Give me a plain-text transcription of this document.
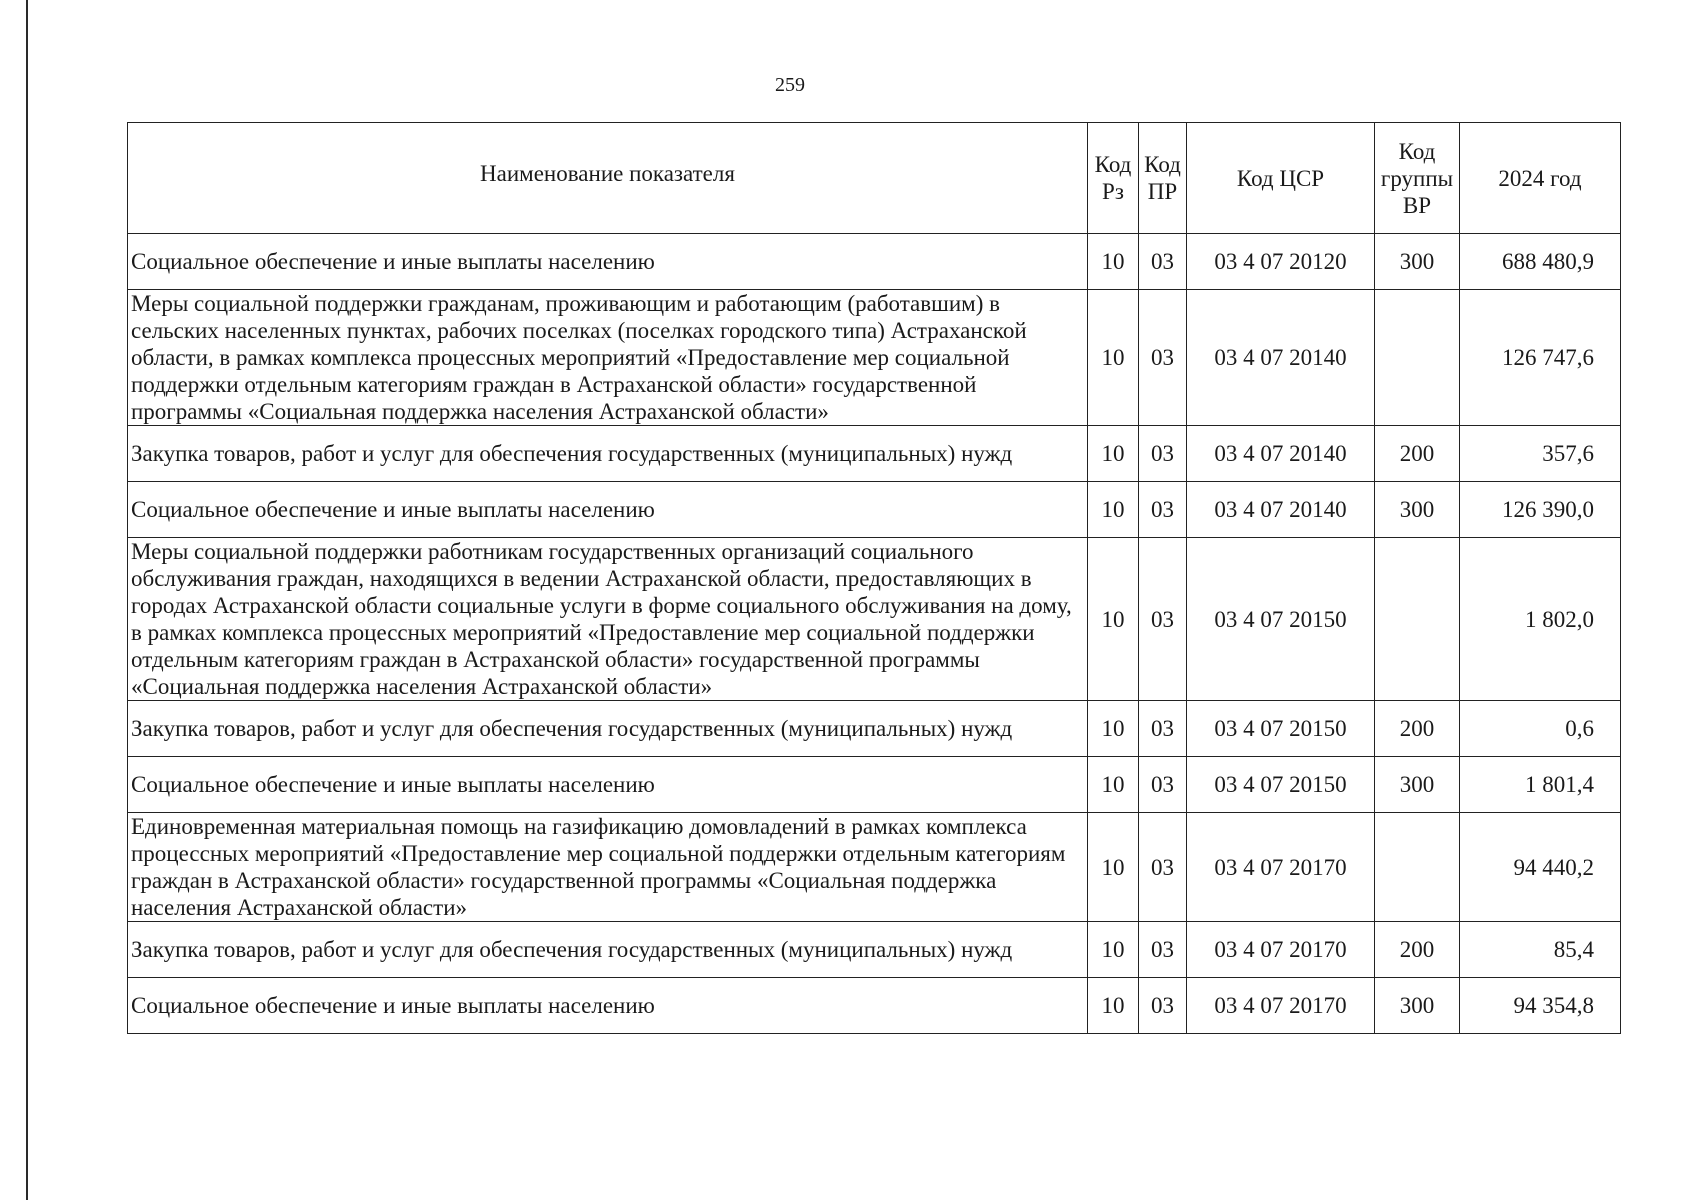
259
Наименование показателя	Код Рз	Код ПР	Код ЦСР	Код группы ВР	2024 год
Социальное обеспечение и иные выплаты населению	10	03	03 4 07 20120	300	688 480,9
Меры социальной поддержки гражданам, проживающим и работающим (работавшим) в сельских населенных пунктах, рабочих поселках (поселках городского типа) Астраханской области, в рамках комплекса процессных мероприятий «Предоставление мер социальной поддержки отдельным категориям граждан в Астраханской области» государственной программы «Социальная поддержка населения Астраханской области»	10	03	03 4 07 20140		126 747,6
Закупка товаров, работ и услуг для обеспечения государственных (муниципальных) нужд	10	03	03 4 07 20140	200	357,6
Социальное обеспечение и иные выплаты населению	10	03	03 4 07 20140	300	126 390,0
Меры социальной поддержки работникам государственных организаций социального обслуживания граждан, находящихся в ведении Астраханской области, предоставляющих в городах Астраханской области социальные услуги в форме социального обслуживания на дому, в рамках комплекса процессных мероприятий «Предоставление мер социальной поддержки отдельным категориям граждан в Астраханской области» государственной программы «Социальная поддержка населения Астраханской области»	10	03	03 4 07 20150		1 802,0
Закупка товаров, работ и услуг для обеспечения государственных (муниципальных) нужд	10	03	03 4 07 20150	200	0,6
Социальное обеспечение и иные выплаты населению	10	03	03 4 07 20150	300	1 801,4
Единовременная материальная помощь на газификацию домовладений в рамках комплекса процессных мероприятий «Предоставление мер социальной поддержки отдельным категориям граждан в Астраханской области» государственной программы «Социальная поддержка населения Астраханской области»	10	03	03 4 07 20170		94 440,2
Закупка товаров, работ и услуг для обеспечения государственных (муниципальных) нужд	10	03	03 4 07 20170	200	85,4
Социальное обеспечение и иные выплаты населению	10	03	03 4 07 20170	300	94 354,8
